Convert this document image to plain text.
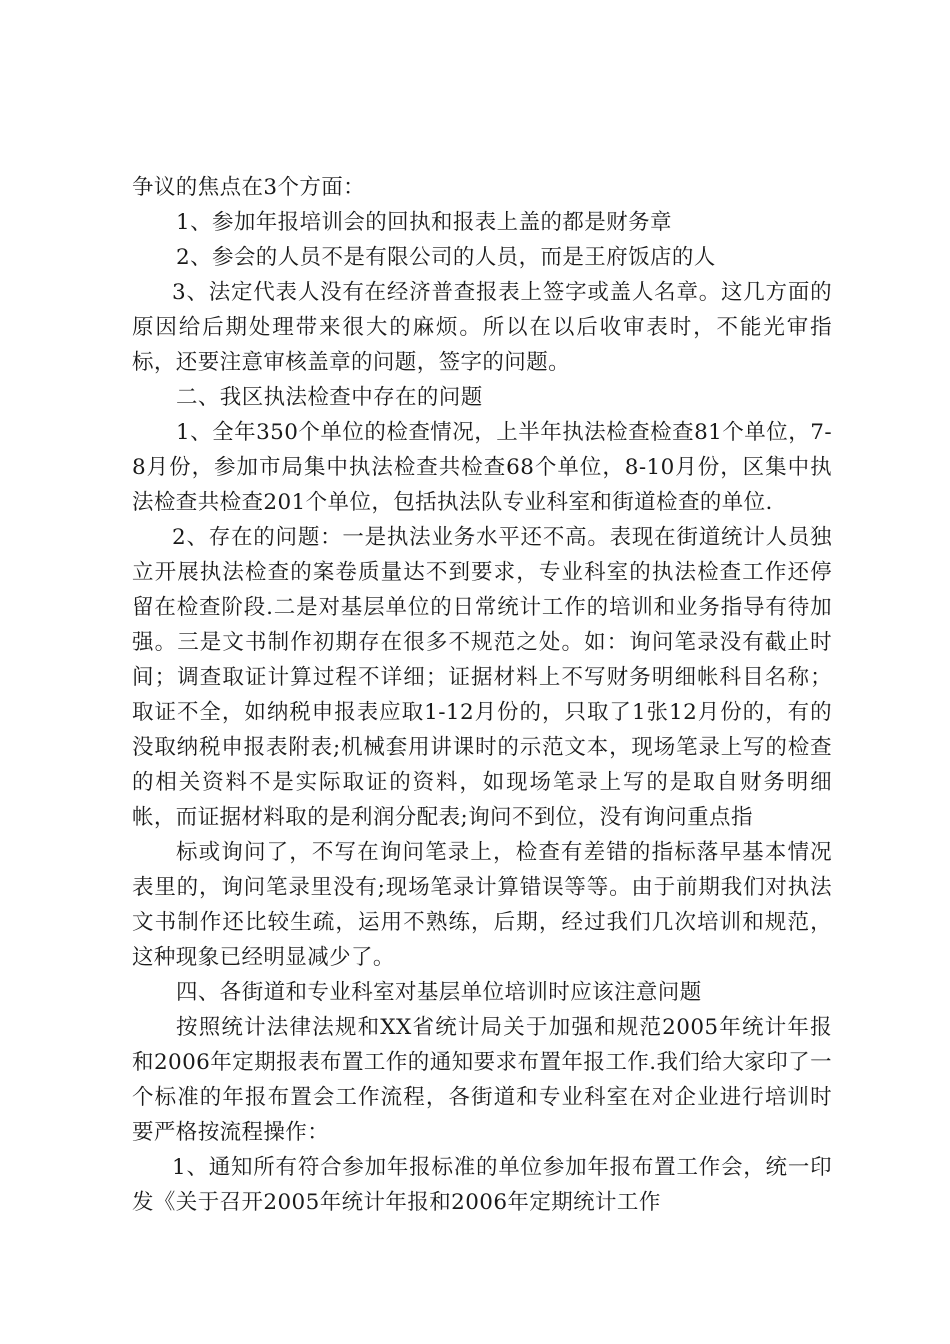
争议的焦点在3个方面：

1、参加年报培训会的回执和报表上盖的都是财务章

2、参会的人员不是有限公司的人员，而是王府饭店的人

3、法定代表人没有在经济普查报表上签字或盖人名章。这几方面的原因给后期处理带来很大的麻烦。所以在以后收审表时，不能光审指标，还要注意审核盖章的问题，签字的问题。

二、我区执法检查中存在的问题

1、全年350个单位的检查情况，上半年执法检查检查81个单位，7-8月份，参加市局集中执法检查共检查68个单位，8-10月份，区集中执法检查共检查201个单位，包括执法队专业科室和街道检查的单位.

2、存在的问题：一是执法业务水平还不高。表现在街道统计人员独立开展执法检查的案卷质量达不到要求，专业科室的执法检查工作还停留在检查阶段.二是对基层单位的日常统计工作的培训和业务指导有待加强。三是文书制作初期存在很多不规范之处。如：询问笔录没有截止时间；调查取证计算过程不详细；证据材料上不写财务明细帐科目名称；取证不全，如纳税申报表应取1-12月份的，只取了1张12月份的，有的没取纳税申报表附表;机械套用讲课时的示范文本，现场笔录上写的检查的相关资料不是实际取证的资料，如现场笔录上写的是取自财务明细帐，而证据材料取的是利润分配表;询问不到位，没有询问重点指

标或询问了，不写在询问笔录上，检查有差错的指标落早基本情况表里的，询问笔录里没有;现场笔录计算错误等等。由于前期我们对执法文书制作还比较生疏，运用不熟练，后期，经过我们几次培训和规范，这种现象已经明显减少了。

四、各街道和专业科室对基层单位培训时应该注意问题

按照统计法律法规和XX省统计局关于加强和规范2005年统计年报和2006年定期报表布置工作的通知要求布置年报工作.我们给大家印了一个标准的年报布置会工作流程，各街道和专业科室在对企业进行培训时要严格按流程操作：

1、通知所有符合参加年报标准的单位参加年报布置工作会，统一印发《关于召开2005年统计年报和2006年定期统计工作
